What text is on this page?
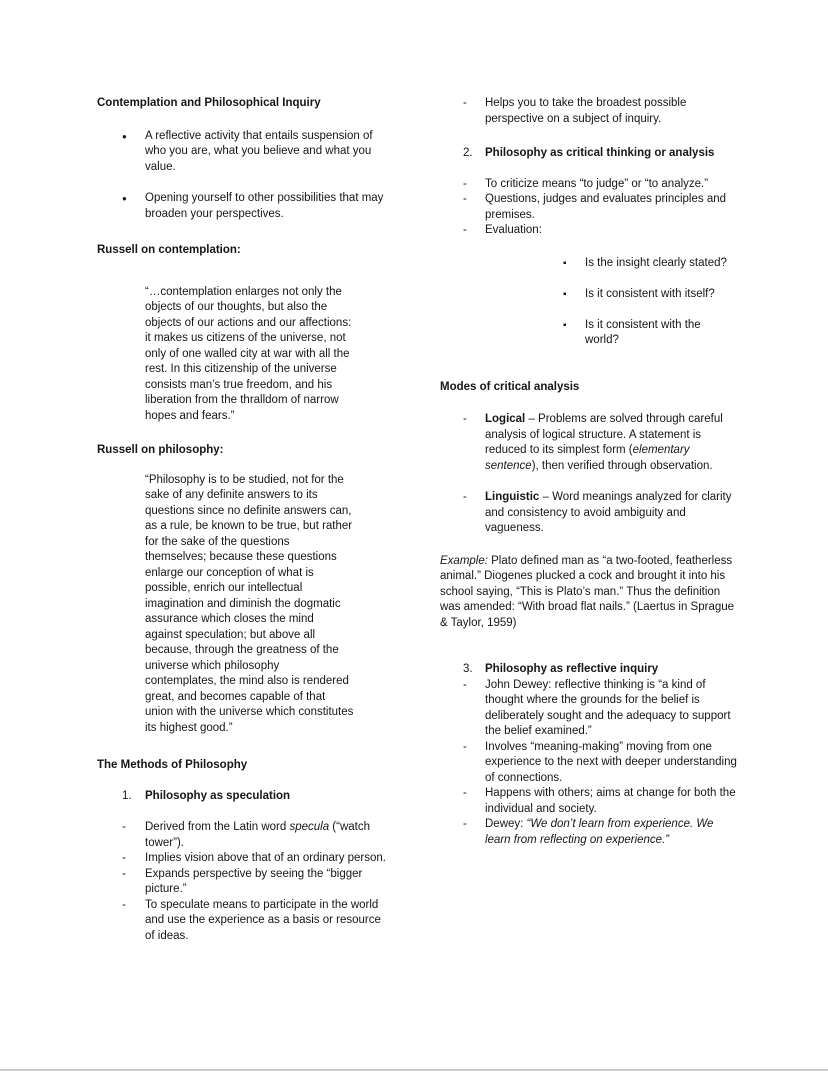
Contemplation and Philosophical Inquiry
●	A reflective activity that entails suspension of who you are, what you believe and what you value.
●	Opening yourself to other possibilities that may broaden your perspectives.
Russell on contemplation:
“…contemplation enlarges not only the objects of our thoughts, but also the objects of our actions and our affections: it makes us citizens of the universe, not only of one walled city at war with all the rest. In this citizenship of the universe consists man’s true freedom, and his liberation from the thralldom of narrow hopes and fears.”
Russell on philosophy:
“Philosophy is to be studied, not for the sake of any definite answers to its questions since no definite answers can, as a rule, be known to be true, but rather for the sake of the questions themselves; because these questions enlarge our conception of what is possible, enrich our intellectual imagination and diminish the dogmatic assurance which closes the mind against speculation; but above all because, through the greatness of the universe which philosophy contemplates, the mind also is rendered great, and becomes capable of that union with the universe which constitutes its highest good.”
The Methods of Philosophy
1.	Philosophy as speculation
-	Derived from the Latin word specula (“watch tower”).
-	Implies vision above that of an ordinary person.
-	Expands perspective by seeing the “bigger picture.”
-	To speculate means to participate in the world and use the experience as a basis or resource of ideas.
-	Helps you to take the broadest possible perspective on a subject of inquiry.
2.	Philosophy as critical thinking or analysis
-	To criticize means “to judge” or “to analyze.”
-	Questions, judges and evaluates principles and premises.
-	Evaluation:
▪	Is the insight clearly stated?
▪	Is it consistent with itself?
▪	Is it consistent with the world?
Modes of critical analysis
-	Logical – Problems are solved through careful analysis of logical structure. A statement is reduced to its simplest form (elementary sentence), then verified through observation.
-	Linguistic – Word meanings analyzed for clarity and consistency to avoid ambiguity and vagueness.
Example: Plato defined man as “a two-footed, featherless animal.” Diogenes plucked a cock and brought it into his school saying, “This is Plato’s man.” Thus the definition was amended: “With broad flat nails.” (Laertus in Sprague & Taylor, 1959)
3.	Philosophy as reflective inquiry
-	John Dewey: reflective thinking is “a kind of thought where the grounds for the belief is deliberately sought and the adequacy to support the belief examined.”
-	Involves “meaning-making” moving from one experience to the next with deeper understanding of connections.
-	Happens with others; aims at change for both the individual and society.
-	Dewey: “We don’t learn from experience. We learn from reflecting on experience.”
